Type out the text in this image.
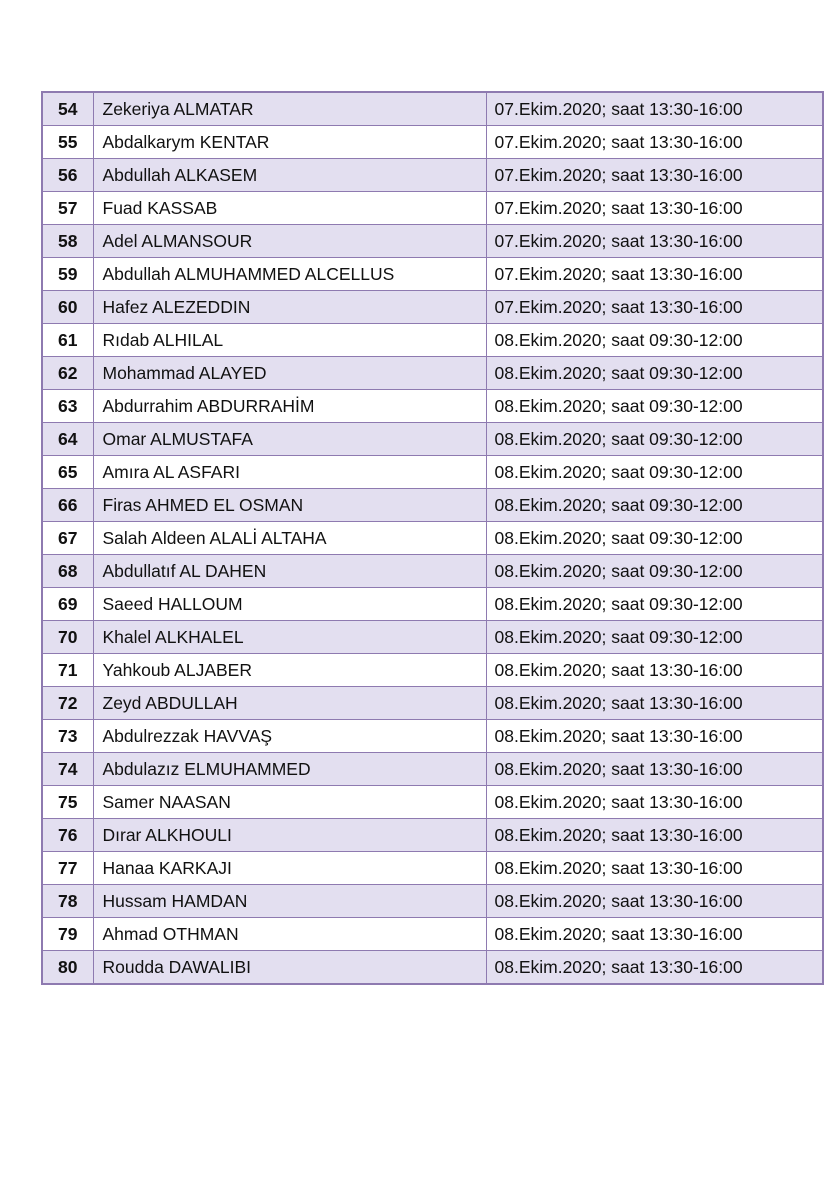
54	Zekeriya ALMATAR	07.Ekim.2020; saat 13:30-16:00
55	Abdalkarym KENTAR	07.Ekim.2020; saat 13:30-16:00
56	Abdullah ALKASEM	07.Ekim.2020; saat 13:30-16:00
57	Fuad KASSAB	07.Ekim.2020; saat 13:30-16:00
58	Adel ALMANSOUR	07.Ekim.2020; saat 13:30-16:00
59	Abdullah ALMUHAMMED ALCELLUS	07.Ekim.2020; saat 13:30-16:00
60	Hafez ALEZEDDIN	07.Ekim.2020; saat 13:30-16:00
61	Rıdab ALHILAL	08.Ekim.2020; saat 09:30-12:00
62	Mohammad ALAYED	08.Ekim.2020; saat 09:30-12:00
63	Abdurrahim ABDURRAHİM	08.Ekim.2020; saat 09:30-12:00
64	Omar ALMUSTAFA	08.Ekim.2020; saat 09:30-12:00
65	Amıra AL ASFARI	08.Ekim.2020; saat 09:30-12:00
66	Firas AHMED EL OSMAN	08.Ekim.2020; saat 09:30-12:00
67	Salah Aldeen ALALİ ALTAHA	08.Ekim.2020; saat 09:30-12:00
68	Abdullatıf AL DAHEN	08.Ekim.2020; saat 09:30-12:00
69	Saeed HALLOUM	08.Ekim.2020; saat 09:30-12:00
70	Khalel ALKHALEL	08.Ekim.2020; saat 09:30-12:00
71	Yahkoub ALJABER	08.Ekim.2020; saat 13:30-16:00
72	Zeyd ABDULLAH	08.Ekim.2020; saat 13:30-16:00
73	Abdulrezzak HAVVAŞ	08.Ekim.2020; saat 13:30-16:00
74	Abdulazız ELMUHAMMED	08.Ekim.2020; saat 13:30-16:00
75	Samer NAASAN	08.Ekim.2020; saat 13:30-16:00
76	Dırar ALKHOULI	08.Ekim.2020; saat 13:30-16:00
77	Hanaa KARKAJI	08.Ekim.2020; saat 13:30-16:00
78	Hussam HAMDAN	08.Ekim.2020; saat 13:30-16:00
79	Ahmad OTHMAN	08.Ekim.2020; saat 13:30-16:00
80	Roudda DAWALIBI	08.Ekim.2020; saat 13:30-16:00
